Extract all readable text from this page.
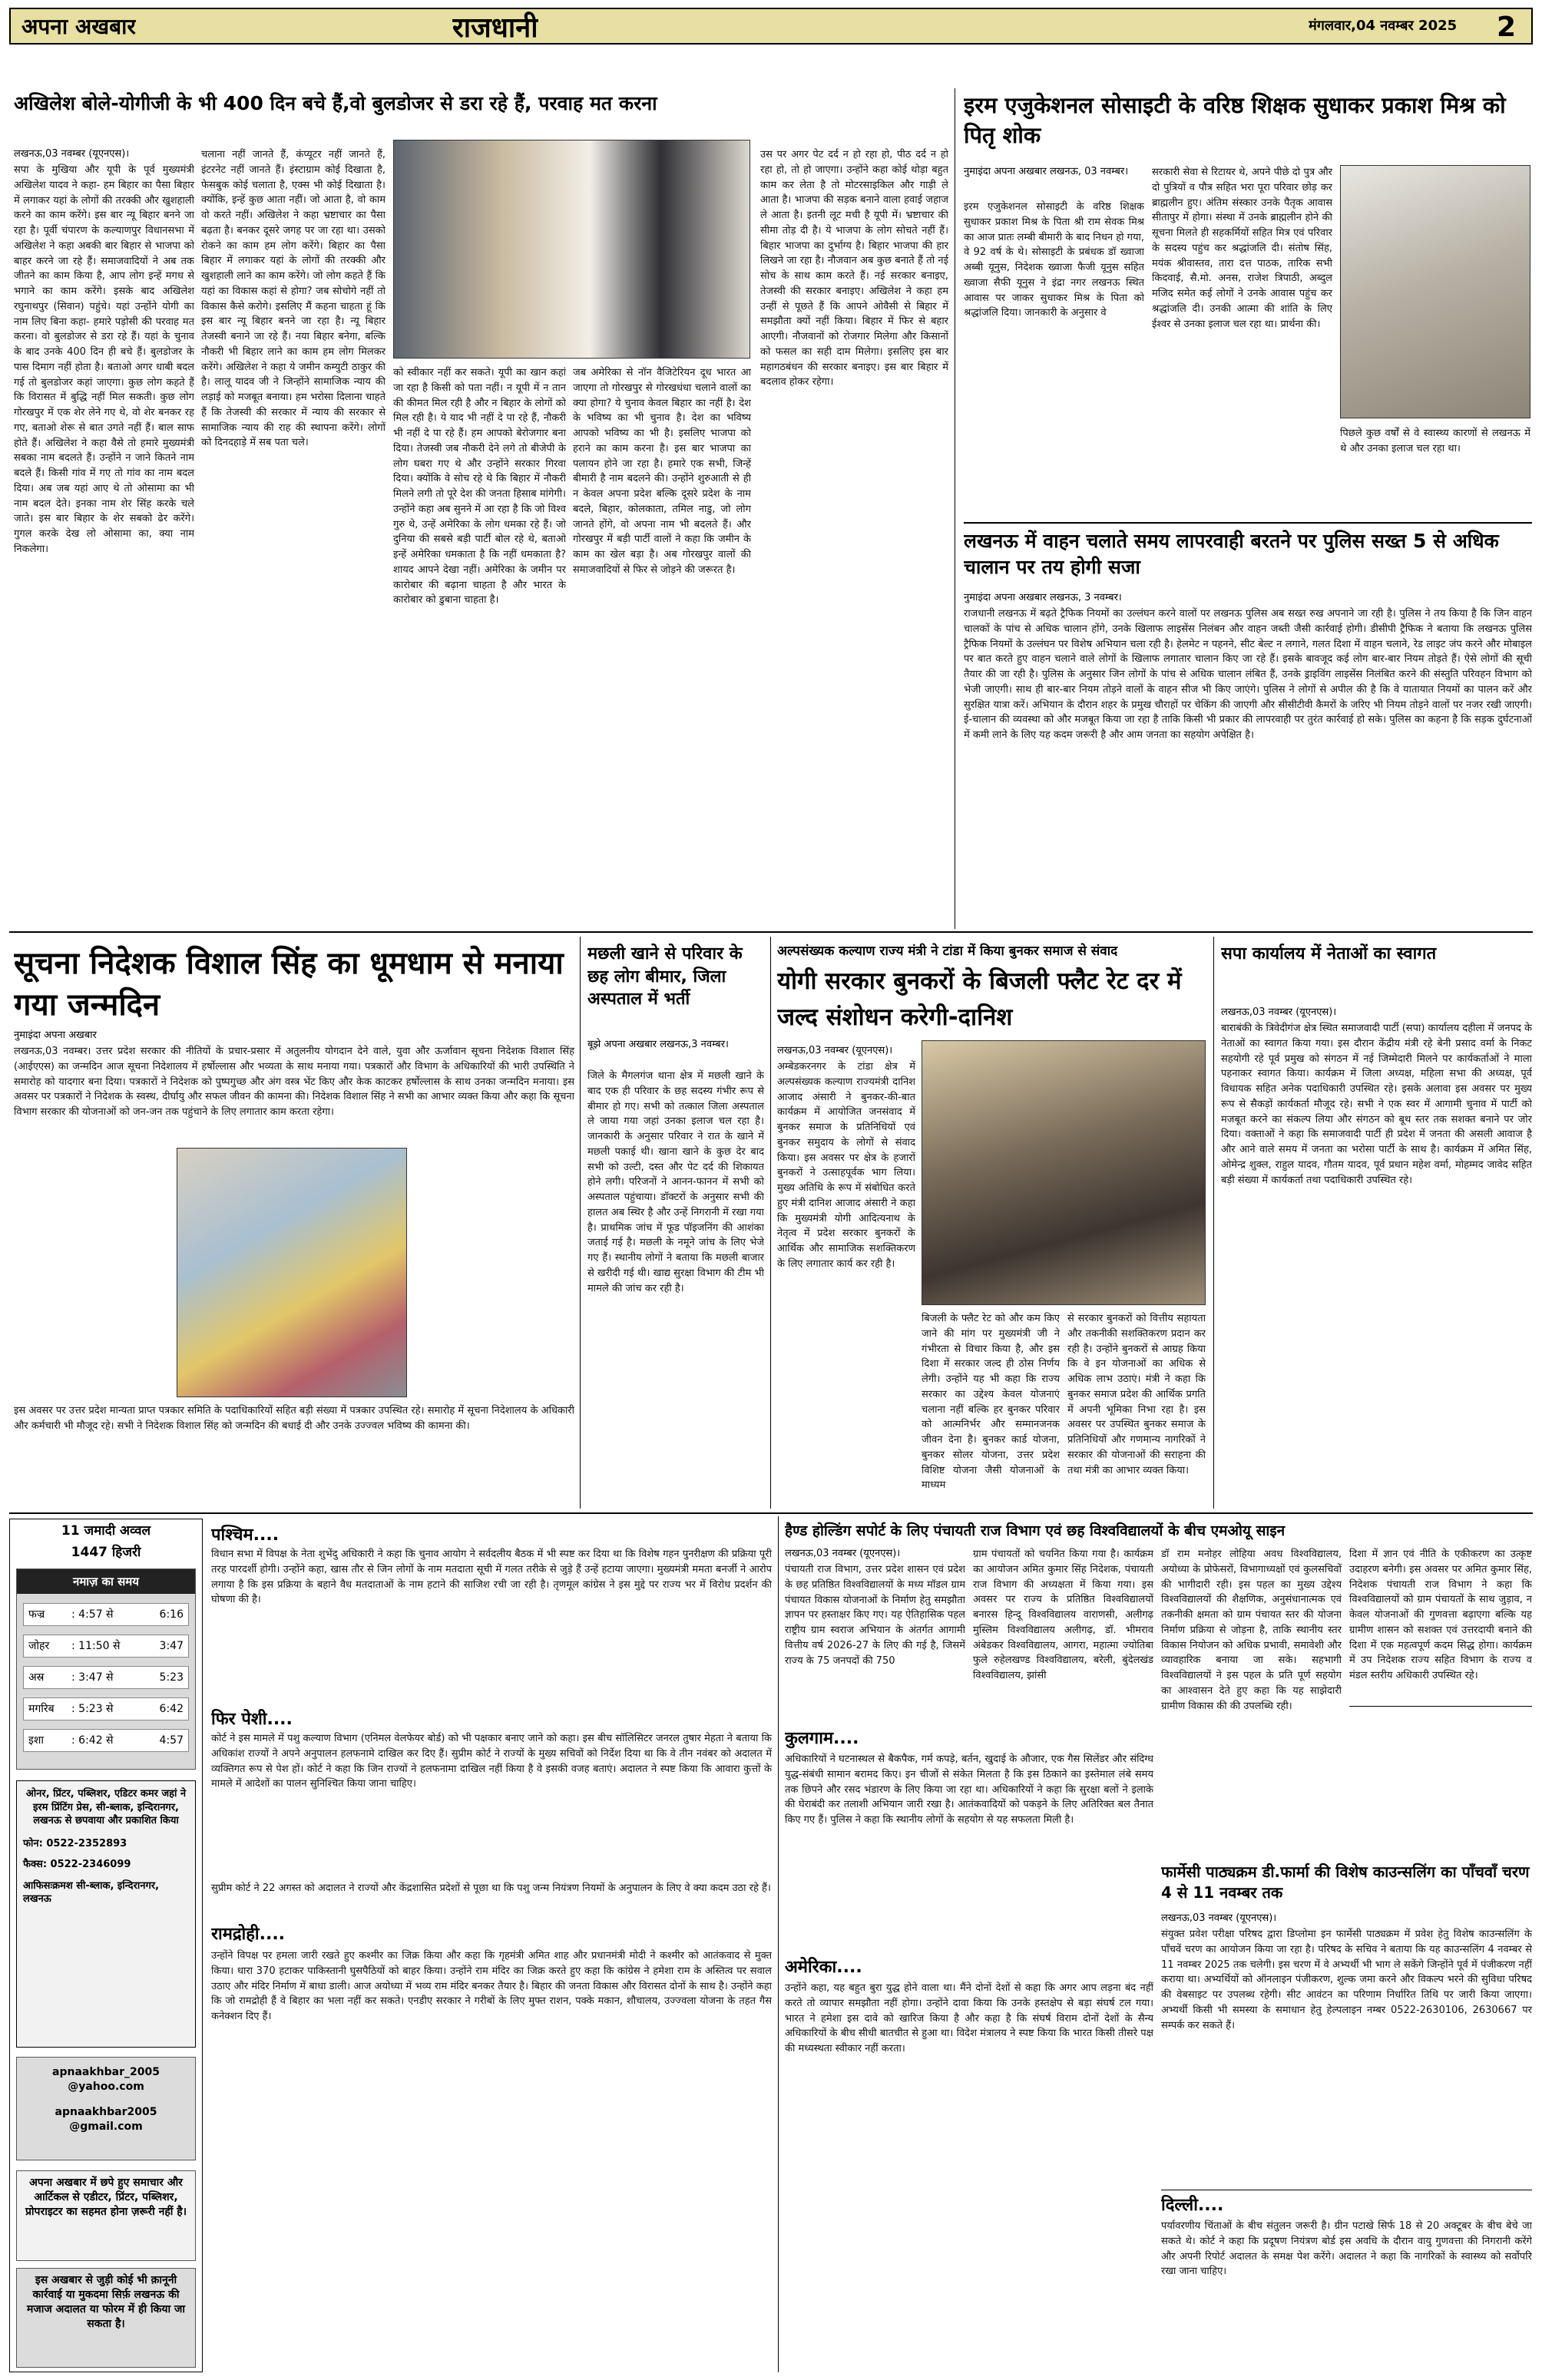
अपना अखबार	राजधानी	मंगलवार,04 नवम्बर 2025 2
अखिलेश बोले-योगीजी के भी 400 दिन बचे हैं,वो बुलडोजर से डरा रहे हैं, परवाह मत करना
लखनऊ,03 नवम्बर (यूएनएस)।
सपा के मुखिया और यूपी के पूर्व मुख्यमंत्री अखिलेश यादव ने कहा- हम बिहार का पैसा बिहार में लगाकर यहां के लोगों की तरक्की और खुशहाली करने का काम करेंगे। इस बार न्यू बिहार बनने जा रहा है। पूर्वी चंपारण के कल्याणपुर विधानसभा में अखिलेश ने कहा अबकी बार बिहार से भाजपा को बाहर करने जा रहे हैं। समाजवादियों ने अब तक जीतने का काम किया है, आप लोग इन्हें मगध से भगाने का काम करेंगे। इसके बाद अखिलेश रघुनाथपुर (सिवान) पहुंचे। यहां उन्होंने योगी का नाम लिए बिना कहा- हमारे पड़ोसी की परवाह मत करना। वो बुलडोजर से डरा रहे हैं। यहां के चुनाव के बाद उनके 400 दिन ही बचे हैं। बुलडोजर के पास दिमाग नहीं होता है। बताओ अगर धाबी बदल गई तो बुलडोजर कहां जाएगा। कुछ लोग कहते हैं कि विरासत में बुद्धि नहीं मिल सकती। कुछ लोग गोरखपुर में एक शेर लेने गए थे, वो शेर बनकर रह गए, बताओ शेरू से बात उगते नहीं हैं। बाल साफ होते हैं। अखिलेश ने कहा वैसे तो हमारे मुख्यमंत्री सबका नाम बदलते हैं। उन्होंने न जाने कितने नाम बदले हैं। किसी गांव में गए तो गांव का नाम बदल दिया। अब जब यहां आए थे तो ओसामा का भी नाम बदल देते। इनका नाम शेर सिंह करके चले जाते। इस बार बिहार के शेर सबको ढेर करेंगे। गुगल करके देख लो ओसामा का, क्या नाम निकलेगा।
चलाना नहीं जानते हैं, कंप्यूटर नहीं जानते हैं, इंटरनेट नहीं जानते हैं। इंस्टाग्राम कोई दिखाता है, फेसबुक कोई चलाता है, एक्स भी कोई दिखाता है। क्योंकि, इन्हें कुछ आता नहीं। जो आता है, वो काम वो करते नहीं। अखिलेश ने कहा भ्रष्टाचार का पैसा बढ़ता है। बनकर दूसरे जगह पर जा रहा था। उसको रोकने का काम हम लोग करेंगे। बिहार का पैसा बिहार में लगाकर यहां के लोगों की तरक्की और खुशहाली लाने का काम करेंगे। जो लोग कहते हैं कि यहां का विकास कहां से होगा? जब सोचोगे नहीं तो विकास कैसे करोगे। इसलिए मैं कहना चाहता हूं कि इस बार न्यू बिहार बनने जा रहा है। न्यू बिहार तेजस्वी बनाने जा रहे हैं। नया बिहार बनेगा, बल्कि नौकरी भी बिहार लाने का काम हम लोग मिलकर करेंगे। अखिलेश ने कहा ये जमीन कम्युटी ठाकुर की है। लालू यादव जी ने जिन्होंने सामाजिक न्याय की लड़ाई को मजबूत बनाया। हम भरोसा दिलाना चाहते हैं कि तेजस्वी की सरकार में न्याय की सरकार से सामाजिक न्याय की राह की स्थापना करेंगे। लोगों को दिनदहाड़े में सब पता चले।
को स्वीकार नहीं कर सकते। यूपी का खान कहां जा रहा है किसी को पता नहीं। न यूपी में न तान की कीमत मिल रही है और न बिहार के लोगों को मिल रही है। ये याद भी नहीं दे पा रहे हैं, नौकरी भी नहीं दे पा रहे हैं। हम आपको बेरोजगार बना दिया। तेजस्वी जब नौकरी देने लगे तो बीजेपी के लोग घबरा गए थे और उन्होंने सरकार गिरवा दिया। क्योंकि वे सोच रहे थे कि बिहार में नौकरी मिलने लगी तो पूरे देश की जनता हिसाब मांगेगी। उन्होंने कहा अब सुनने में आ रहा है कि जो विश्व गुरु थे, उन्हें अमेरिका के लोग धमका रहे हैं। जो दुनिया की सबसे बड़ी पार्टी बोल रहे थे, बताओ इन्हें अमेरिका धमकाता है कि नहीं धमकाता है? शायद आपने देखा नहीं। अमेरिका के जमीन पर कारोबार की बढ़ाना चाहता है और भारत के कारोबार को डुबाना चाहता है।
जब अमेरिका से नॉन वैजिटेरियन दूध भारत आ जाएगा तो गोरखपुर से गोरखधंधा चलाने वालों का क्या होगा? ये चुनाव केवल बिहार का नहीं है। देश के भविष्य का भी चुनाव है। देश का भविष्य आपको भविष्य का भी है। इसलिए भाजपा को हराने का काम करना है। इस बार भाजपा का पलायन होने जा रहा है। हमारे एक सभी, जिन्हें बीमारी है नाम बदलने की। उन्होंने शुरुआती से ही न केवल अपना प्रदेश बल्कि दूसरे प्रदेश के नाम बदले, बिहार, कोलकाता, तमिल नाडु, जो लोग जानते होंगे, वो अपना नाम भी बदलते हैं। और गोरखपुर में बड़ी पार्टी वालों ने कहा कि जमीन के काम का खेल बड़ा है। अब गोरखपुर वालों की समाजवादियों से फिर से जोड़ने की जरूरत है।
उस पर अगर पेट दर्द न हो रहा हो, पीठ दर्द न हो रहा हो, तो हो जाएगा। उन्होंने कहा कोई थोड़ा बहुत काम कर लेता है तो मोटरसाइकिल और गाड़ी ले आता है। भाजपा की सड़क बनाने वाला हवाई जहाज ले आता है। इतनी लूट मची है यूपी में। भ्रष्टाचार की सीमा तोड़ दी है। ये भाजपा के लोग सोचते नहीं हैं। बिहार भाजपा का दुर्भाग्य है। बिहार भाजपा की हार लिखने जा रहा है। नौजवान अब कुछ बनाते हैं तो नई सोच के साथ काम करते हैं। नई सरकार बनाइए, तेजस्वी की सरकार बनाइए। अखिलेश ने कहा हम उन्हीं से पूछते हैं कि आपने ओवैसी से बिहार में समझौता क्यों नहीं किया। बिहार में फिर से बहार आएगी। नौजवानों को रोजगार मिलेगा और किसानों को फसल का सही दाम मिलेगा। इसलिए इस बार महागठबंधन की सरकार बनाइए। इस बार बिहार में बदलाव होकर रहेगा।
इरम एजुकेशनल सोसाइटी के वरिष्ठ शिक्षक सुधाकर प्रकाश मिश्र को पितृ शोक
नुमाइंदा अपना अखबार लखनऊ, 03 नवम्बर।
इरम एजुकेशनल सोसाइटी के वरिष्ठ शिक्षक सुधाकर प्रकाश मिश्र के पिता श्री राम सेवक मिश्र का आज प्रातः लम्बी बीमारी के बाद निधन हो गया, वे 92 वर्ष के थे। सोसाइटी के प्रबंधक डॉ ख्वाजा अब्बी यूनुस, निदेशक ख्वाजा फैजी यूनुस सहित ख्वाजा सैफी यूनुस ने इंद्रा नगर लखनऊ स्थित आवास पर जाकर सुधाकर मिश्र के पिता को श्रद्धांजलि दिया। जानकारी के अनुसार वे
सरकारी सेवा से रिटायर थे, अपने पीछे दो पुत्र और दो पुत्रियों व पौत्र सहित भरा पूरा परिवार छोड़ कर ब्राह्मलीन हुए। अंतिम संस्कार उनके पैतृक आवास सीतापुर में होगा। संस्था में उनके ब्राह्मलीन होने की सूचना मिलते ही सहकर्मियों सहित मित्र एवं परिवार के सदस्य पहुंच कर श्रद्धांजलि दी। संतोष सिंह, मयंक श्रीवास्तव, तारा दत्त पाठक, तारिक सभी किदवाई, सै.मो. अनस, राजेश त्रिपाठी, अब्दुल मजिद समेत कई लोगों ने उनके आवास पहुंच कर श्रद्धांजलि दी। उनकी आत्मा की शांति के लिए ईश्वर से उनका इलाज चल रहा था। प्रार्थना की।
पिछले कुछ वर्षों से वे स्वास्थ्य कारणों से लखनऊ में थे और उनका इलाज चल रहा था।
लखनऊ में वाहन चलाते समय लापरवाही बरतने पर पुलिस सख्त 5 से अधिक चालान पर तय होगी सजा
नुमाइंदा अपना अखबार लखनऊ, 3 नवम्बर।
राजधानी लखनऊ में बढ़ते ट्रैफिक नियमों का उल्लंघन करने वालों पर लखनऊ पुलिस अब सख्त रुख अपनाने जा रही है। पुलिस ने तय किया है कि जिन वाहन चालकों के पांच से अधिक चालान होंगे, उनके खिलाफ लाइसेंस निलंबन और वाहन जब्ती जैसी कार्रवाई होगी। डीसीपी ट्रैफिक ने बताया कि लखनऊ पुलिस ट्रैफिक नियमों के उल्लंघन पर विशेष अभियान चला रही है। हेलमेट न पहनने, सीट बेल्ट न लगाने, गलत दिशा में वाहन चलाने, रेड लाइट जंप करने और मोबाइल पर बात करते हुए वाहन चलाने वाले लोगों के खिलाफ लगातार चालान किए जा रहे हैं। इसके बावजूद कई लोग बार-बार नियम तोड़ते हैं। ऐसे लोगों की सूची तैयार की जा रही है। पुलिस के अनुसार जिन लोगों के पांच से अधिक चालान लंबित हैं, उनके ड्राइविंग लाइसेंस निलंबित करने की संस्तुति परिवहन विभाग को भेजी जाएगी। साथ ही बार-बार नियम तोड़ने वालों के वाहन सीज भी किए जाएंगे। पुलिस ने लोगों से अपील की है कि वे यातायात नियमों का पालन करें और सुरक्षित यात्रा करें। अभियान के दौरान शहर के प्रमुख चौराहों पर चेकिंग की जाएगी और सीसीटीवी कैमरों के जरिए भी नियम तोड़ने वालों पर नजर रखी जाएगी। ई-चालान की व्यवस्था को और मजबूत किया जा रहा है ताकि किसी भी प्रकार की लापरवाही पर तुरंत कार्रवाई हो सके। पुलिस का कहना है कि सड़क दुर्घटनाओं में कमी लाने के लिए यह कदम जरूरी है और आम जनता का सहयोग अपेक्षित है।
सूचना निदेशक विशाल सिंह का धूमधाम से मनाया गया जन्मदिन
नुमाइंदा अपना अखबार
लखनऊ,03 नवम्बर। उत्तर प्रदेश सरकार की नीतियों के प्रचार-प्रसार में अतुलनीय योगदान देने वाले, युवा और ऊर्जावान सूचना निदेशक विशाल सिंह (आईएएस) का जन्मदिन आज सूचना निदेशालय में हर्षोल्लास और भव्यता के साथ मनाया गया। पत्रकारों और विभाग के अधिकारियों की भारी उपस्थिति ने समारोह को यादगार बना दिया। पत्रकारों ने निदेशक को पुष्पगुच्छ और अंग वस्त्र भेंट किए और केक काटकर हर्षोल्लास के साथ उनका जन्मदिन मनाया। इस अवसर पर पत्रकारों ने निदेशक के स्वस्थ, दीर्घायु और सफल जीवन की कामना की। निदेशक विशाल सिंह ने सभी का आभार व्यक्त किया और कहा कि सूचना विभाग सरकार की योजनाओं को जन-जन तक पहुंचाने के लिए लगातार काम करता रहेगा।
इस अवसर पर उत्तर प्रदेश मान्यता प्राप्त पत्रकार समिति के पदाधिकारियों सहित बड़ी संख्या में पत्रकार उपस्थित रहे। समारोह में सूचना निदेशालय के अधिकारी और कर्मचारी भी मौजूद रहे। सभी ने निदेशक विशाल सिंह को जन्मदिन की बधाई दी और उनके उज्ज्वल भविष्य की कामना की।
मछली खाने से परिवार के छह लोग बीमार, जिला अस्पताल में भर्ती
बूझे अपना अखबार लखनऊ,3 नवम्बर।
जिले के मैगलगंज थाना क्षेत्र में मछली खाने के बाद एक ही परिवार के छह सदस्य गंभीर रूप से बीमार हो गए। सभी को तत्काल जिला अस्पताल ले जाया गया जहां उनका इलाज चल रहा है। जानकारी के अनुसार परिवार ने रात के खाने में मछली पकाई थी। खाना खाने के कुछ देर बाद सभी को उल्टी, दस्त और पेट दर्द की शिकायत होने लगी। परिजनों ने आनन-फानन में सभी को अस्पताल पहुंचाया। डॉक्टरों के अनुसार सभी की हालत अब स्थिर है और उन्हें निगरानी में रखा गया है। प्राथमिक जांच में फूड पॉइजनिंग की आशंका जताई गई है। मछली के नमूने जांच के लिए भेजे गए हैं। स्थानीय लोगों ने बताया कि मछली बाजार से खरीदी गई थी। खाद्य सुरक्षा विभाग की टीम भी मामले की जांच कर रही है।
अल्पसंख्यक कल्याण राज्य मंत्री ने टांडा में किया बुनकर समाज से संवाद
योगी सरकार बुनकरों के बिजली फ्लैट रेट दर में जल्द संशोधन करेगी-दानिश
लखनऊ,03 नवम्बर (यूएनएस)।
अम्बेडकरनगर के टांडा क्षेत्र में अल्पसंख्यक कल्याण राज्यमंत्री दानिश आजाद अंसारी ने बुनकर-की-बात कार्यक्रम में आयोजित जनसंवाद में बुनकर समाज के प्रतिनिधियों एवं बुनकर समुदाय के लोगों से संवाद किया। इस अवसर पर क्षेत्र के हजारों बुनकरों ने उत्साहपूर्वक भाग लिया। मुख्य अतिथि के रूप में संबोधित करते हुए मंत्री दानिश आजाद अंसारी ने कहा कि मुख्यमंत्री योगी आदित्यनाथ के नेतृत्व में प्रदेश सरकार बुनकरों के आर्थिक और सामाजिक सशक्तिकरण के लिए लगातार कार्य कर रही है।
बिजली के फ्लैट रेट को और कम किए जाने की मांग पर मुख्यमंत्री जी ने गंभीरता से विचार किया है, और इस दिशा में सरकार जल्द ही ठोस निर्णय लेगी। उन्होंने यह भी कहा कि राज्य सरकार का उद्देश्य केवल योजनाएं चलाना नहीं बल्कि हर बुनकर परिवार को आत्मनिर्भर और सम्मानजनक जीवन देना है। बुनकर कार्ड योजना, बुनकर सोलर योजना, उत्तर प्रदेश विशिष्ट योजना जैसी योजनाओं के माध्यम
से सरकार बुनकरों को वित्तीय सहायता और तकनीकी सशक्तिकरण प्रदान कर रही है। उन्होंने बुनकरों से आग्रह किया कि वे इन योजनाओं का अधिक से अधिक लाभ उठाएं। मंत्री ने कहा कि बुनकर समाज प्रदेश की आर्थिक प्रगति में अपनी भूमिका निभा रहा है। इस अवसर पर उपस्थित बुनकर समाज के प्रतिनिधियों और गणमान्य नागरिकों ने सरकार की योजनाओं की सराहना की तथा मंत्री का आभार व्यक्त किया।
सपा कार्यालय में नेताओं का स्वागत
लखनऊ,03 नवम्बर (यूएनएस)।
बाराबंकी के त्रिवेदीगंज क्षेत्र स्थित समाजवादी पार्टी (सपा) कार्यालय दहीला में जनपद के नेताओं का स्वागत किया गया। इस दौरान केंद्रीय मंत्री रहे बेनी प्रसाद वर्मा के निकट सहयोगी रहे पूर्व प्रमुख को संगठन में नई जिम्मेदारी मिलने पर कार्यकर्ताओं ने माला पहनाकर स्वागत किया। कार्यक्रम में जिला अध्यक्ष, महिला सभा की अध्यक्ष, पूर्व विधायक सहित अनेक पदाधिकारी उपस्थित रहे। इसके अलावा इस अवसर पर मुख्य रूप से सैकड़ों कार्यकर्ता मौजूद रहे। सभी ने एक स्वर में आगामी चुनाव में पार्टी को मजबूत करने का संकल्प लिया और संगठन को बूथ स्तर तक सशक्त बनाने पर जोर दिया। वक्ताओं ने कहा कि समाजवादी पार्टी ही प्रदेश में जनता की असली आवाज है और आने वाले समय में जनता का भरोसा पार्टी के साथ है। कार्यक्रम में अमित सिंह, ओमेन्द्र शुक्ल, राहुल यादव, गौतम यादव, पूर्व प्रधान महेश वर्मा, मोहम्मद जावेद सहित बड़ी संख्या में कार्यकर्ता तथा पदाधिकारी उपस्थित रहे।
11 जमादी अव्वल
1447 हिजरी
नमाज़ का समय
फज्र : 4:57 से	6:16
जोहर : 11:50 से	3:47
अस्र	: 3:47 से	5:23
मगरिब : 5:23 से	6:42
इशा	: 6:42 से	4:57
ओनर, प्रिंटर, पब्लिशर, एडिटर कमर जहां ने इरम प्रिंटिंग प्रेस, सी-ब्लाक, इन्दिरानगर, लखनऊ से छपवाया और प्रकाशित किया
फोन: 0522-2352893
फैक्स: 0522-2346099
आफिसःक्रमश सी-ब्लाक, इन्दिरानगर, लखनऊ
apnaakhbar_2005 @yahoo.com
apnaakhbar2005 @gmail.com
अपना अखबार में छपे हुए समाचार और आर्टिकल से एडीटर, प्रिंटर, पब्लिशर, प्रोपराइटर का सहमत होना ज़रूरी नहीं है।
इस अखबार से जुड़ी कोई भी क़ानूनी कार्रवाई या मुकदमा सिर्फ़ लखनऊ की मजाज अदालत या फोरम में ही किया जा सकता है।
पश्चिम....
विधान सभा में विपक्ष के नेता शुभेंदु अधिकारी ने कहा कि चुनाव आयोग ने सर्वदलीय बैठक में भी स्पष्ट कर दिया था कि विशेष गहन पुनरीक्षण की प्रक्रिया पूरी तरह पारदर्शी होगी। उन्होंने कहा, खास तौर से जिन लोगों के नाम मतदाता सूची में गलत तरीके से जुड़े हैं उन्हें हटाया जाएगा। मुख्यमंत्री ममता बनर्जी ने आरोप लगाया है कि इस प्रक्रिया के बहाने वैध मतदाताओं के नाम हटाने की साजिश रची जा रही है। तृणमूल कांग्रेस ने इस मुद्दे पर राज्य भर में विरोध प्रदर्शन की घोषणा की है।
फिर पेशी....
कोर्ट ने इस मामले में पशु कल्याण विभाग (एनिमल वेलफेयर बोर्ड) को भी पक्षकार बनाए जाने को कहा। इस बीच सॉलिसिटर जनरल तुषार मेहता ने बताया कि अधिकांश राज्यों ने अपने अनुपालन हलफनामे दाखिल कर दिए हैं। सुप्रीम कोर्ट ने राज्यों के मुख्य सचिवों को निर्देश दिया था कि वे तीन नवंबर को अदालत में व्यक्तिगत रूप से पेश हों। कोर्ट ने कहा कि जिन राज्यों ने हलफनामा दाखिल नहीं किया है वे इसकी वजह बताएं। अदालत ने स्पष्ट किया कि आवारा कुत्तों के मामले में आदेशों का पालन सुनिश्चित किया जाना चाहिए।
सुप्रीम कोर्ट ने 22 अगस्त को अदालत ने राज्यों और केंद्रशासित प्रदेशों से पूछा था कि पशु जन्म नियंत्रण नियमों के अनुपालन के लिए वे क्या कदम उठा रहे हैं।
रामद्रोही....
उन्होंने विपक्ष पर हमला जारी रखते हुए कश्मीर का जिक्र किया और कहा कि गृहमंत्री अमित शाह और प्रधानमंत्री मोदी ने कश्मीर को आतंकवाद से मुक्त किया। धारा 370 हटाकर पाकिस्तानी घुसपैठियों को बाहर किया। उन्होंने राम मंदिर का जिक्र करते हुए कहा कि कांग्रेस ने हमेशा राम के अस्तित्व पर सवाल उठाए और मंदिर निर्माण में बाधा डाली। आज अयोध्या में भव्य राम मंदिर बनकर तैयार है। बिहार की जनता विकास और विरासत दोनों के साथ है। उन्होंने कहा कि जो रामद्रोही हैं वे बिहार का भला नहीं कर सकते। एनडीए सरकार ने गरीबों के लिए मुफ्त राशन, पक्के मकान, शौचालय, उज्ज्वला योजना के तहत गैस कनेक्शन दिए हैं।
हैण्ड होल्डिंग सपोर्ट के लिए पंचायती राज विभाग एवं छह विश्वविद्यालयों के बीच एमओयू साइन
लखनऊ,03 नवम्बर (यूएनएस)।
पंचायती राज विभाग, उत्तर प्रदेश शासन एवं प्रदेश के छह प्रतिष्ठित विश्वविद्यालयों के मध्य मॉडल ग्राम पंचायत विकास योजनाओं के निर्माण हेतु समझौता ज्ञापन पर हस्ताक्षर किए गए। यह ऐतिहासिक पहल राष्ट्रीय ग्राम स्वराज अभियान के अंतर्गत आगामी वित्तीय वर्ष 2026-27 के लिए की गई है, जिसमें राज्य के 75 जनपदों की 750
ग्राम पंचायतों को चयनित किया गया है। कार्यक्रम का आयोजन अमित कुमार सिंह निदेशक, पंचायती राज विभाग की अध्यक्षता में किया गया। इस अवसर पर राज्य के प्रतिष्ठित विश्वविद्यालयों बनारस हिन्दू विश्वविद्यालय वाराणसी, अलीगढ़ मुस्लिम विश्वविद्यालय अलीगढ़, डॉ. भीमराव अंबेडकर विश्वविद्यालय, आगरा, महात्मा ज्योतिबा फुले रुहेलखण्ड विश्वविद्यालय, बरेली, बुंदेलखंड विश्वविद्यालय, झांसी
डॉ राम मनोहर लोहिया अवध विश्वविद्यालय, अयोध्या के प्रोफेसरों, विभागाध्यक्षों एवं कुलसचिवों की भागीदारी रही। इस पहल का मुख्य उद्देश्य विश्वविद्यालयों की शैक्षणिक, अनुसंधानात्मक एवं तकनीकी क्षमता को ग्राम पंचायत स्तर की योजना निर्माण प्रक्रिया से जोड़ना है, ताकि स्थानीय स्तर विकास नियोजन को अधिक प्रभावी, समावेशी और व्यावहारिक बनाया जा सके। सहभागी विश्वविद्यालयों ने इस पहल के प्रति पूर्ण सहयोग का आश्वासन देते हुए कहा कि यह साझेदारी ग्रामीण विकास की की उपलब्धि रही।
दिशा में ज्ञान एवं नीति के एकीकरण का उत्कृष्ट उदाहरण बनेगी। इस अवसर पर अमित कुमार सिंह, निदेशक पंचायती राज विभाग ने कहा कि विश्वविद्यालयों को ग्राम पंचायतों के साथ जुड़ाव, न केवल योजनाओं की गुणवत्ता बढ़ाएगा बल्कि यह ग्रामीण शासन को सशक्त एवं उत्तरदायी बनाने की दिशा में एक महत्वपूर्ण कदम सिद्ध होगा। कार्यक्रम में उप निदेशक राज्य सहित विभाग के राज्य व मंडल स्तरीय अधिकारी उपस्थित रहे।
कुलगाम....
अधिकारियों ने घटनास्थल से बैकपैक, गर्म कपड़े, बर्तन, खुदाई के औजार, एक गैस सिलेंडर और संदिग्ध युद्ध-संबंधी सामान बरामद किए। इन चीजों से संकेत मिलता है कि इस ठिकाने का इस्तेमाल लंबे समय तक छिपने और रसद भंडारण के लिए किया जा रहा था। अधिकारियों ने कहा कि सुरक्षा बलों ने इलाके की घेराबंदी कर तलाशी अभियान जारी रखा है। आतंकवादियों को पकड़ने के लिए अतिरिक्त बल तैनात किए गए हैं। पुलिस ने कहा कि स्थानीय लोगों के सहयोग से यह सफलता मिली है।
अमेरिका....
उन्होंने कहा, यह बहुत बुरा युद्ध होने वाला था। मैंने दोनों देशों से कहा कि अगर आप लड़ना बंद नहीं करते तो व्यापार समझौता नहीं होगा। उन्होंने दावा किया कि उनके हस्तक्षेप से बड़ा संघर्ष टल गया। भारत ने हमेशा इस दावे को खारिज किया है और कहा है कि संघर्ष विराम दोनों देशों के सैन्य अधिकारियों के बीच सीधी बातचीत से हुआ था। विदेश मंत्रालय ने स्पष्ट किया कि भारत किसी तीसरे पक्ष की मध्यस्थता स्वीकार नहीं करता।
फार्मेसी पाठ्यक्रम डी.फार्मा की विशेष काउन्सलिंग का पाँचवाँ चरण 4 से 11 नवम्बर तक
लखनऊ,03 नवम्बर (यूएनएस)।
संयुक्त प्रवेश परीक्षा परिषद द्वारा डिप्लोमा इन फार्मेसी पाठ्यक्रम में प्रवेश हेतु विशेष काउन्सलिंग के पाँचवें चरण का आयोजन किया जा रहा है। परिषद के सचिव ने बताया कि यह काउन्सलिंग 4 नवम्बर से 11 नवम्बर 2025 तक चलेगी। इस चरण में वे अभ्यर्थी भी भाग ले सकेंगे जिन्होंने पूर्व में पंजीकरण नहीं कराया था। अभ्यर्थियों को ऑनलाइन पंजीकरण, शुल्क जमा करने और विकल्प भरने की सुविधा परिषद की वेबसाइट पर उपलब्ध रहेगी। सीट आवंटन का परिणाम निर्धारित तिथि पर जारी किया जाएगा। अभ्यर्थी किसी भी समस्या के समाधान हेतु हेल्पलाइन नम्बर 0522-2630106, 2630667 पर सम्पर्क कर सकते हैं।
दिल्ली....
पर्यावरणीय चिंताओं के बीच संतुलन जरूरी है। ग्रीन पटाखे सिर्फ 18 से 20 अक्टूबर के बीच बेचे जा सकते थे। कोर्ट ने कहा कि प्रदूषण नियंत्रण बोर्ड इस अवधि के दौरान वायु गुणवत्ता की निगरानी करेंगे और अपनी रिपोर्ट अदालत के समक्ष पेश करेंगे। अदालत ने कहा कि नागरिकों के स्वास्थ्य को सर्वोपरि रखा जाना चाहिए।
